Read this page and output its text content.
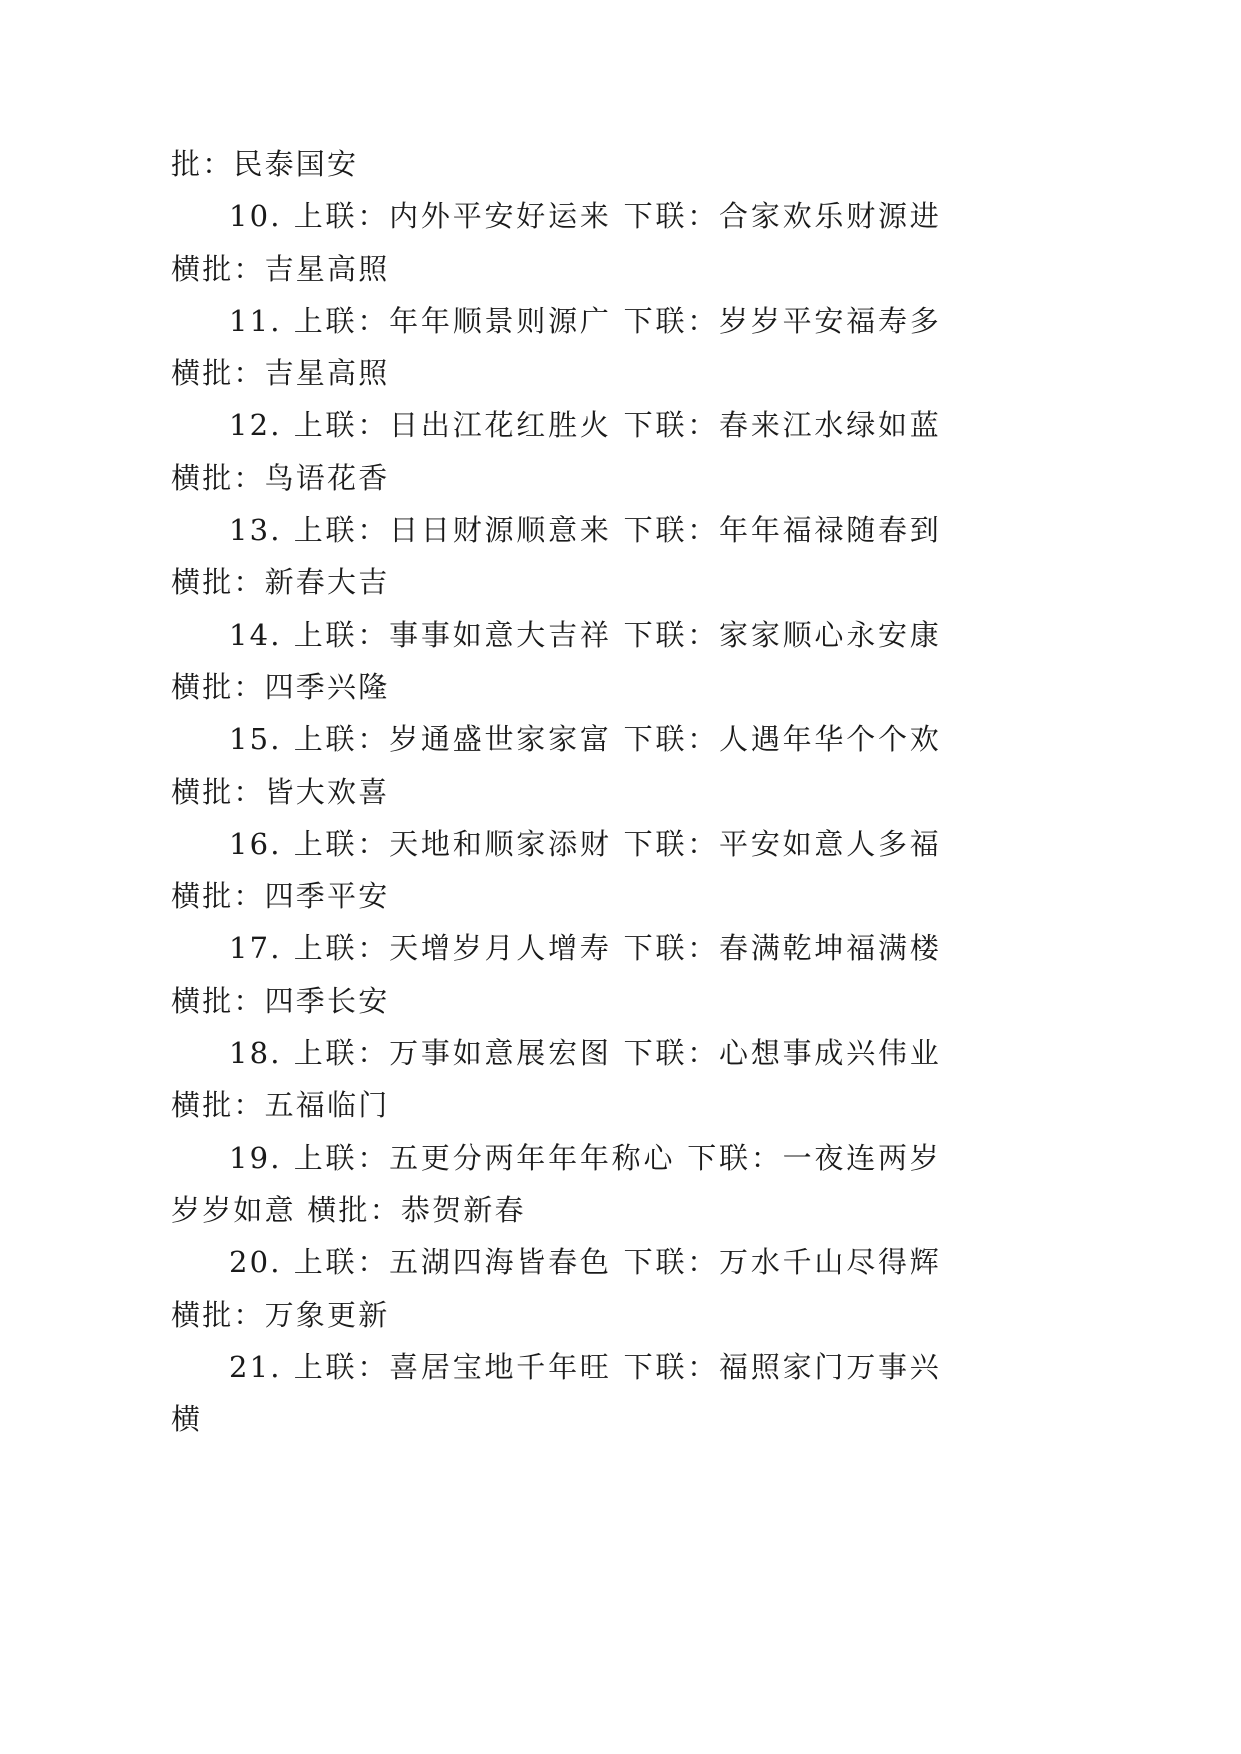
批：民泰国安

10. 上联：内外平安好运来 下联：合家欢乐财源进 横批：吉星高照

11. 上联：年年顺景则源广 下联：岁岁平安福寿多 横批：吉星高照

12. 上联：日出江花红胜火 下联：春来江水绿如蓝 横批：鸟语花香

13. 上联：日日财源顺意来 下联：年年福禄随春到 横批：新春大吉

14. 上联：事事如意大吉祥 下联：家家顺心永安康 横批：四季兴隆

15. 上联：岁通盛世家家富 下联：人遇年华个个欢 横批：皆大欢喜

16. 上联：天地和顺家添财 下联：平安如意人多福 横批：四季平安

17. 上联：天增岁月人增寿 下联：春满乾坤福满楼 横批：四季长安

18. 上联：万事如意展宏图 下联：心想事成兴伟业 横批：五福临门

19. 上联：五更分两年年年称心 下联：一夜连两岁岁岁如意 横批：恭贺新春

20. 上联：五湖四海皆春色 下联：万水千山尽得辉 横批：万象更新

21. 上联：喜居宝地千年旺 下联：福照家门万事兴 横
